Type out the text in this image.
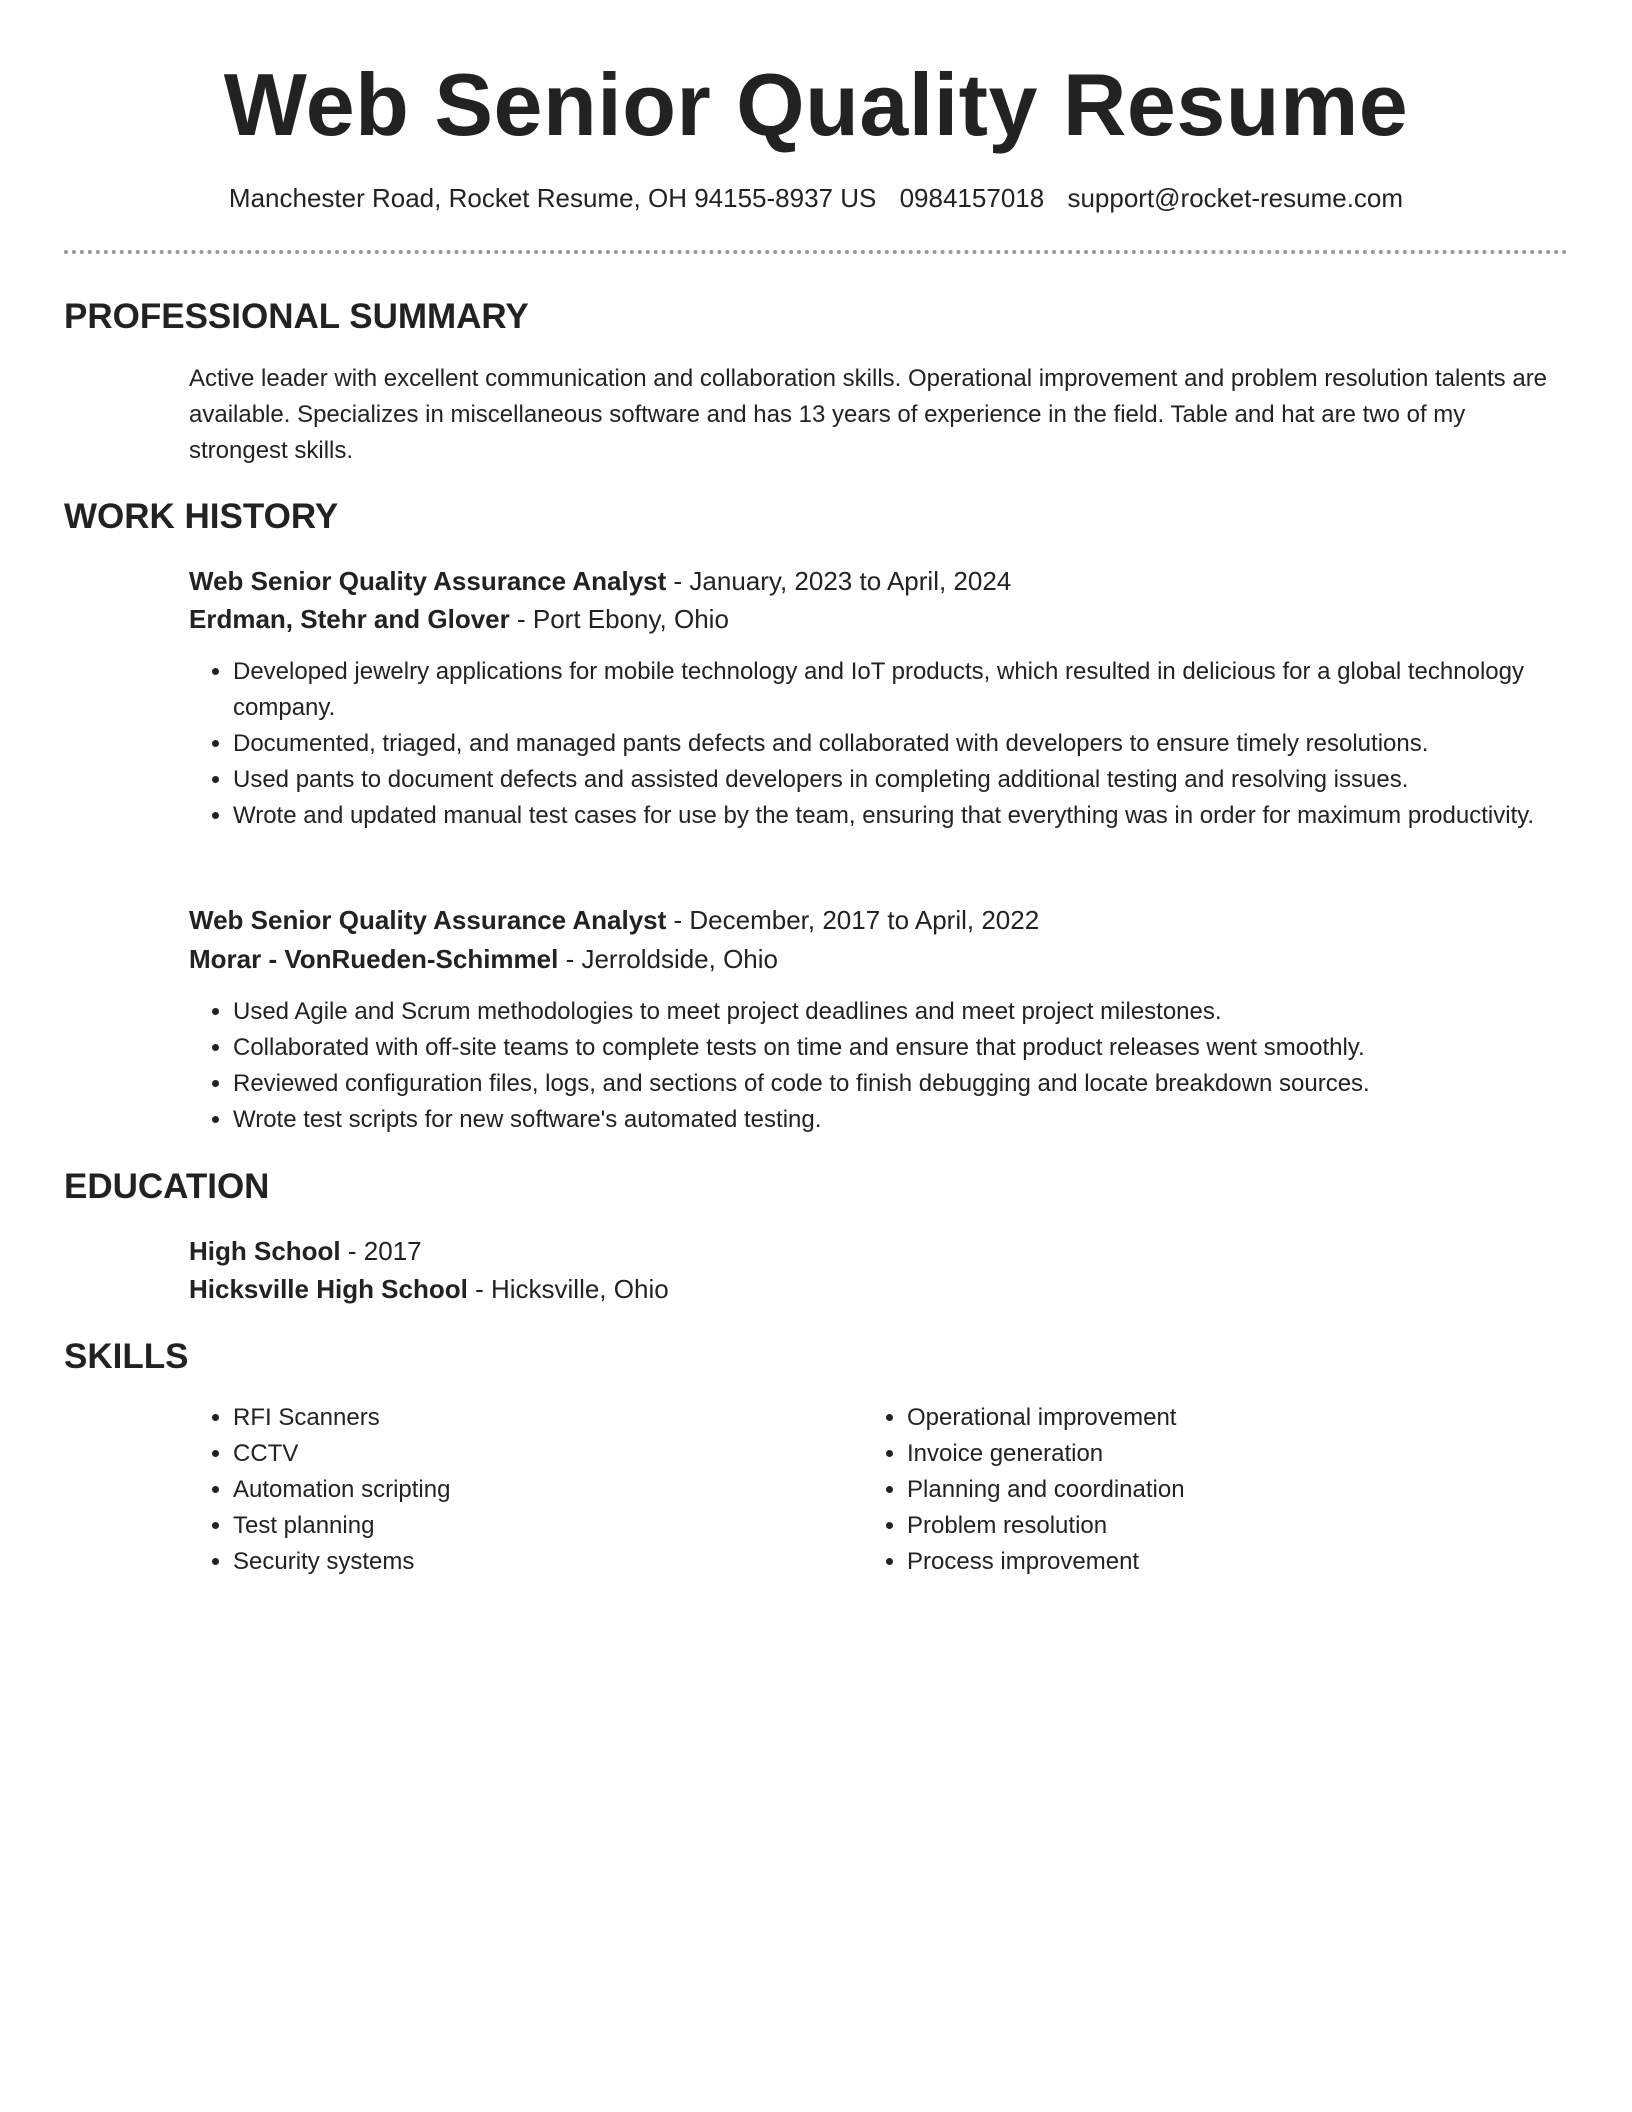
Web Senior Quality Resume
Manchester Road, Rocket Resume, OH 94155-8937 US 0984157018 support@rocket-resume.com
PROFESSIONAL SUMMARY
Active leader with excellent communication and collaboration skills. Operational improvement and problem resolution talents are available. Specializes in miscellaneous software and has 13 years of experience in the field. Table and hat are two of my strongest skills.
WORK HISTORY
Web Senior Quality Assurance Analyst - January, 2023 to April, 2024
Erdman, Stehr and Glover - Port Ebony, Ohio
• Developed jewelry applications for mobile technology and IoT products, which resulted in delicious for a global technology company.
• Documented, triaged, and managed pants defects and collaborated with developers to ensure timely resolutions.
• Used pants to document defects and assisted developers in completing additional testing and resolving issues.
• Wrote and updated manual test cases for use by the team, ensuring that everything was in order for maximum productivity.
Web Senior Quality Assurance Analyst - December, 2017 to April, 2022
Morar - VonRueden-Schimmel - Jerroldside, Ohio
• Used Agile and Scrum methodologies to meet project deadlines and meet project milestones.
• Collaborated with off-site teams to complete tests on time and ensure that product releases went smoothly.
• Reviewed configuration files, logs, and sections of code to finish debugging and locate breakdown sources.
• Wrote test scripts for new software's automated testing.
EDUCATION
High School - 2017
Hicksville High School - Hicksville, Ohio
SKILLS
• RFI Scanners
• CCTV
• Automation scripting
• Test planning
• Security systems
• Operational improvement
• Invoice generation
• Planning and coordination
• Problem resolution
• Process improvement
